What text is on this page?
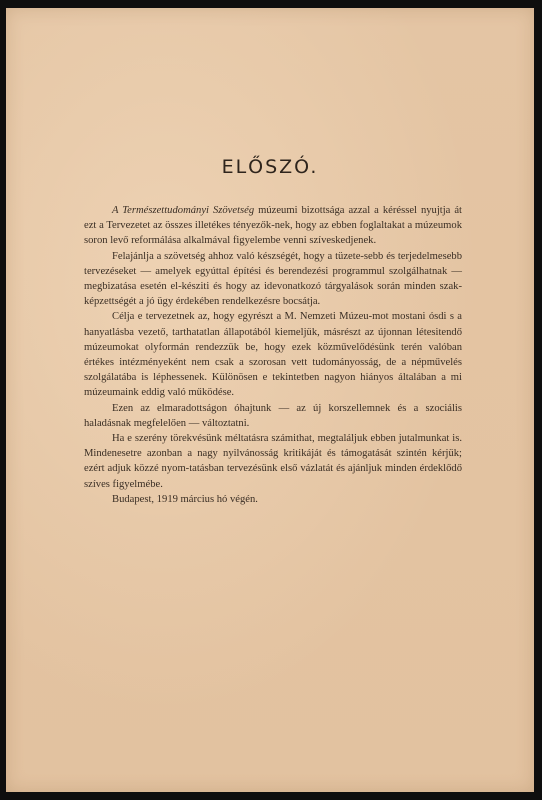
ELŐSZÓ.

A Természettudományi Szövetség múzeumi bizottsága azzal a kéréssel nyujtja át ezt a Tervezetet az összes illetékes tényezők-nek, hogy az ebben foglaltakat a múzeumok soron levő reformálása alkalmával figyelembe venni szíveskedjenek.

Felajánlja a szövetség ahhoz való készségét, hogy a tüzete-sebb és terjedelmesebb tervezéseket — amelyek egyúttal építési és berendezési programmul szolgálhatnak — megbizatása esetén el-késziti és hogy az idevonatkozó tárgyalások során minden szak-képzettségét a jó ügy érdekében rendelkezésre bocsátja.

Célja e tervezetnek az, hogy egyrészt a M. Nemzeti Múzeu-mot mostani ósdi s a hanyatlásba vezető, tarthatatlan állapotából kiemeljük, másrészt az újonnan létesitendő múzeumokat olyformán rendezzük be, hogy ezek közművelődésünk terén valóban értékes intézményeként nem csak a szorosan vett tudományosság, de a népművelés szolgálatába is léphessenek. Különösen e tekintetben nagyon hiányos általában a mi múzeumaink eddig való működése.

Ezen az elmaradottságon óhajtunk — az új korszellemnek és a szociális haladásnak megfelelően — változtatni.

Ha e szerény törekvésünk méltatásra számithat, megtaláljuk ebben jutalmunkat is. Mindenesetre azonban a nagy nyilvánosság kritikáját és támogatását szintén kérjük; ezért adjuk közzé nyom-tatásban tervezésünk első vázlatát és ajánljuk minden érdeklődő szíves figyelmébe.

Budapest, 1919 március hó végén.
